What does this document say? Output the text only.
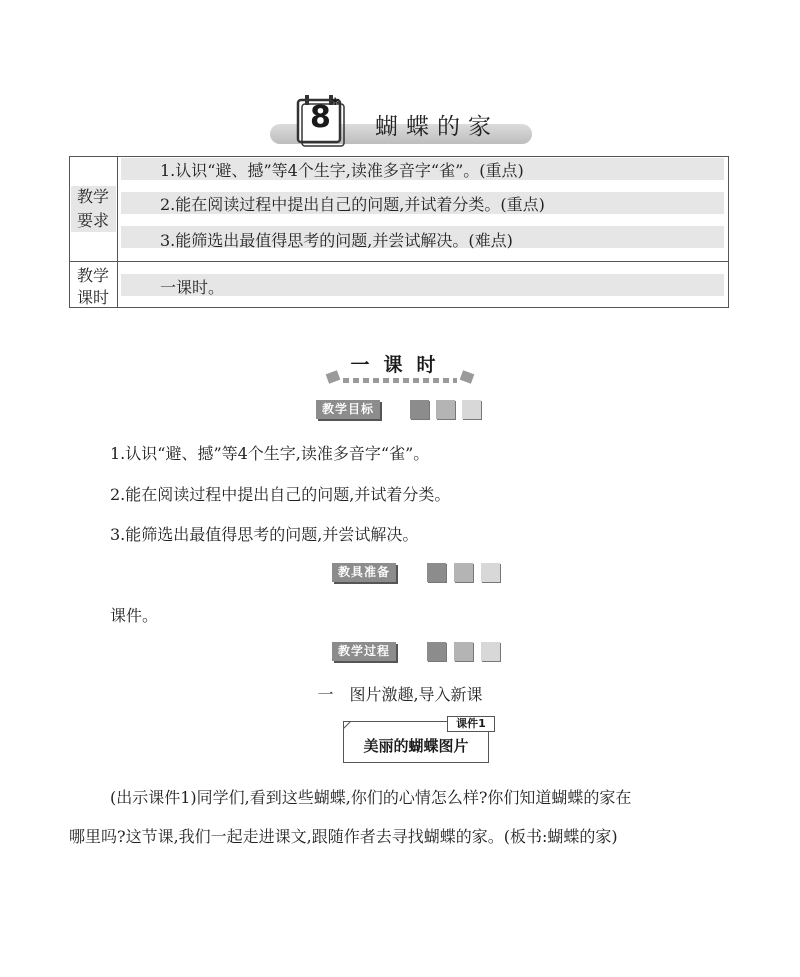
8 *
蝴蝶的家
教学
要求
1.认识“避、撼”等4个生字,读准多音字“雀”。(重点)
2.能在阅读过程中提出自己的问题,并试着分类。(重点)
3.能筛选出最值得思考的问题,并尝试解决。(难点)
教学
课时
一课时。
一课时
教学目标
1.认识“避、撼”等4个生字,读准多音字“雀”。
2.能在阅读过程中提出自己的问题,并试着分类。
3.能筛选出最值得思考的问题,并尝试解决。
教具准备
课件。
教学过程
一　图片激趣,导入新课
课件1
美丽的蝴蝶图片
(出示课件1)同学们,看到这些蝴蝶,你们的心情怎么样?你们知道蝴蝶的家在
哪里吗?这节课,我们一起走进课文,跟随作者去寻找蝴蝶的家。(板书:蝴蝶的家)
